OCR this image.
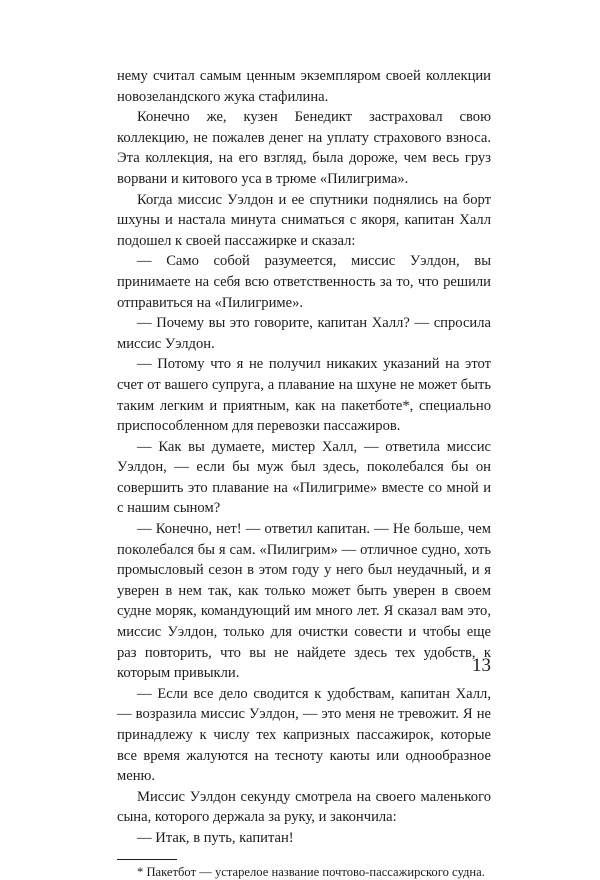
нему считал самым ценным экземпляром своей коллекции новозеландского жука стафилина.

Конечно же, кузен Бенедикт застраховал свою коллекцию, не пожалев денег на уплату страхового взноса. Эта коллекция, на его взгляд, была дороже, чем весь груз ворвани и китового уса в трюме «Пилигрима».

Когда миссис Уэлдон и ее спутники поднялись на борт шхуны и настала минута сниматься с якоря, капитан Халл подошел к своей пассажирке и сказал:

— Само собой разумеется, миссис Уэлдон, вы принимаете на себя всю ответственность за то, что решили отправиться на «Пилигриме».

— Почему вы это говорите, капитан Халл? — спросила миссис Уэлдон.

— Потому что я не получил никаких указаний на этот счет от вашего супруга, а плавание на шхуне не может быть таким легким и приятным, как на пакетботе*, специально приспособленном для перевозки пассажиров.

— Как вы думаете, мистер Халл, — ответила миссис Уэлдон, — если бы муж был здесь, поколебался бы он совершить это плавание на «Пилигриме» вместе со мной и с нашим сыном?

— Конечно, нет! — ответил капитан. — Не больше, чем поколебался бы я сам. «Пилигрим» — отличное судно, хоть промысловый сезон в этом году у него был неудачный, и я уверен в нем так, как только может быть уверен в своем судне моряк, командующий им много лет. Я сказал вам это, миссис Уэлдон, только для очистки совести и чтобы еще раз повторить, что вы не найдете здесь тех удобств, к которым привыкли.

— Если все дело сводится к удобствам, капитан Халл, — возразила миссис Уэлдон, — это меня не тревожит. Я не принадлежу к числу тех капризных пассажирок, которые все время жалуются на тесноту каюты или однообразное меню.

Миссис Уэлдон секунду смотрела на своего маленького сына, которого держала за руку, и закончила:

— Итак, в путь, капитан!

* Пакетбот — устарелое название почтово-пассажирского судна.
13
